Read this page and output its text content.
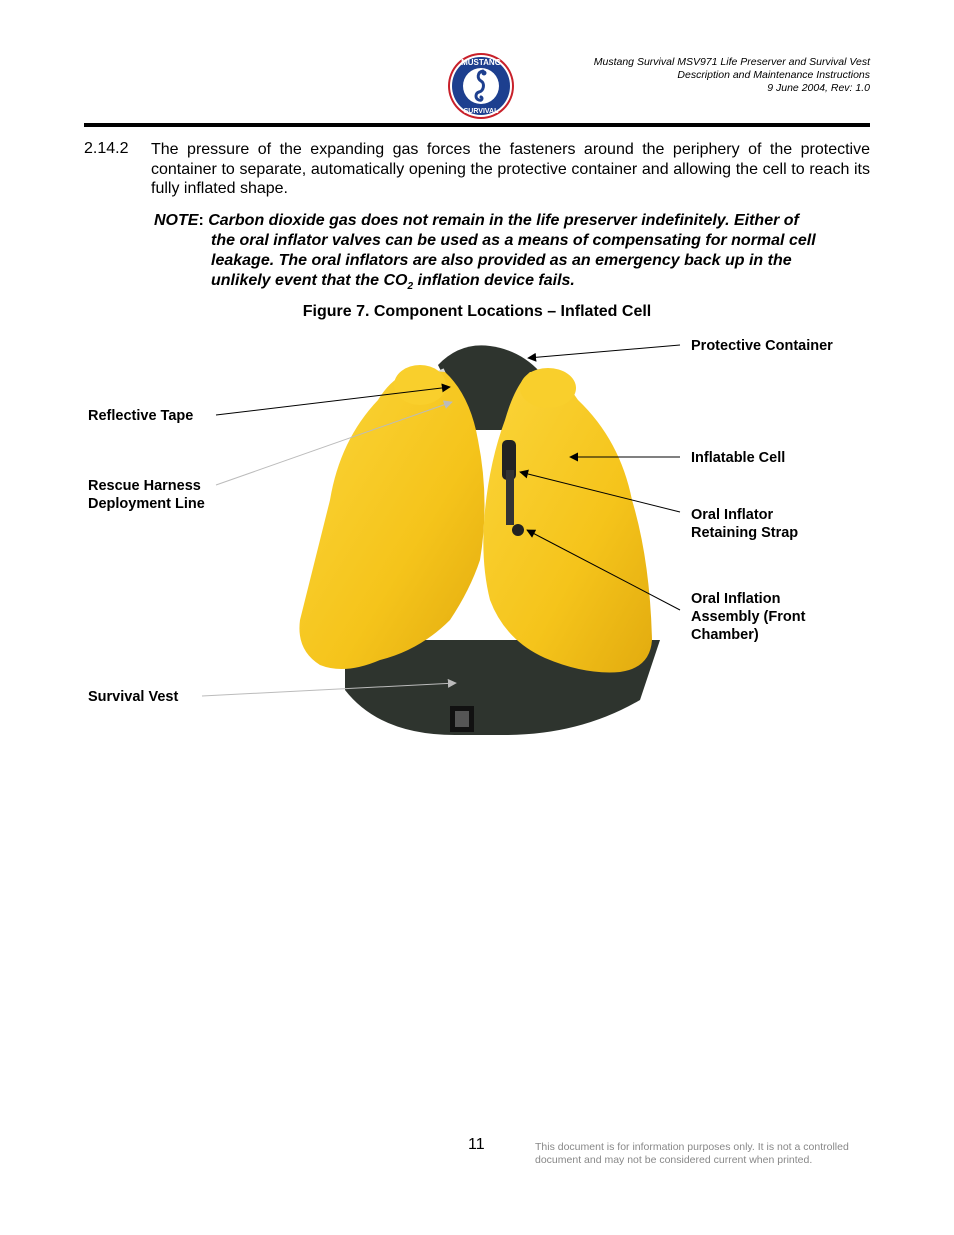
MUSTANG
SURVIVAL
Mustang Survival MSV971 Life Preserver and Survival Vest
Description and Maintenance Instructions
9 June 2004, Rev: 1.0
2.14.2 The pressure of the expanding gas forces the fasteners around the periphery of the protective container to separate, automatically opening the protective container and allowing the cell to reach its fully inflated shape.
NOTE: Carbon dioxide gas does not remain in the life preserver indefinitely. Either of
the oral inflator valves can be used as a means of compensating for normal cell
leakage. The oral inflators are also provided as an emergency back up in the
unlikely event that the $CO_2$ inflation device fails.
Figure 7. Component Locations – Inflated Cell
Protective Container
Inflatable Cell
Oral Inflator
Retaining Strap
Oral Inflation
Assembly (Front
Chamber)
Reflective Tape
Rescue Harness
Deployment Line
Survival Vest
11	This document is for information purposes only. It is not a controlled
document and may not be considered current when printed.
